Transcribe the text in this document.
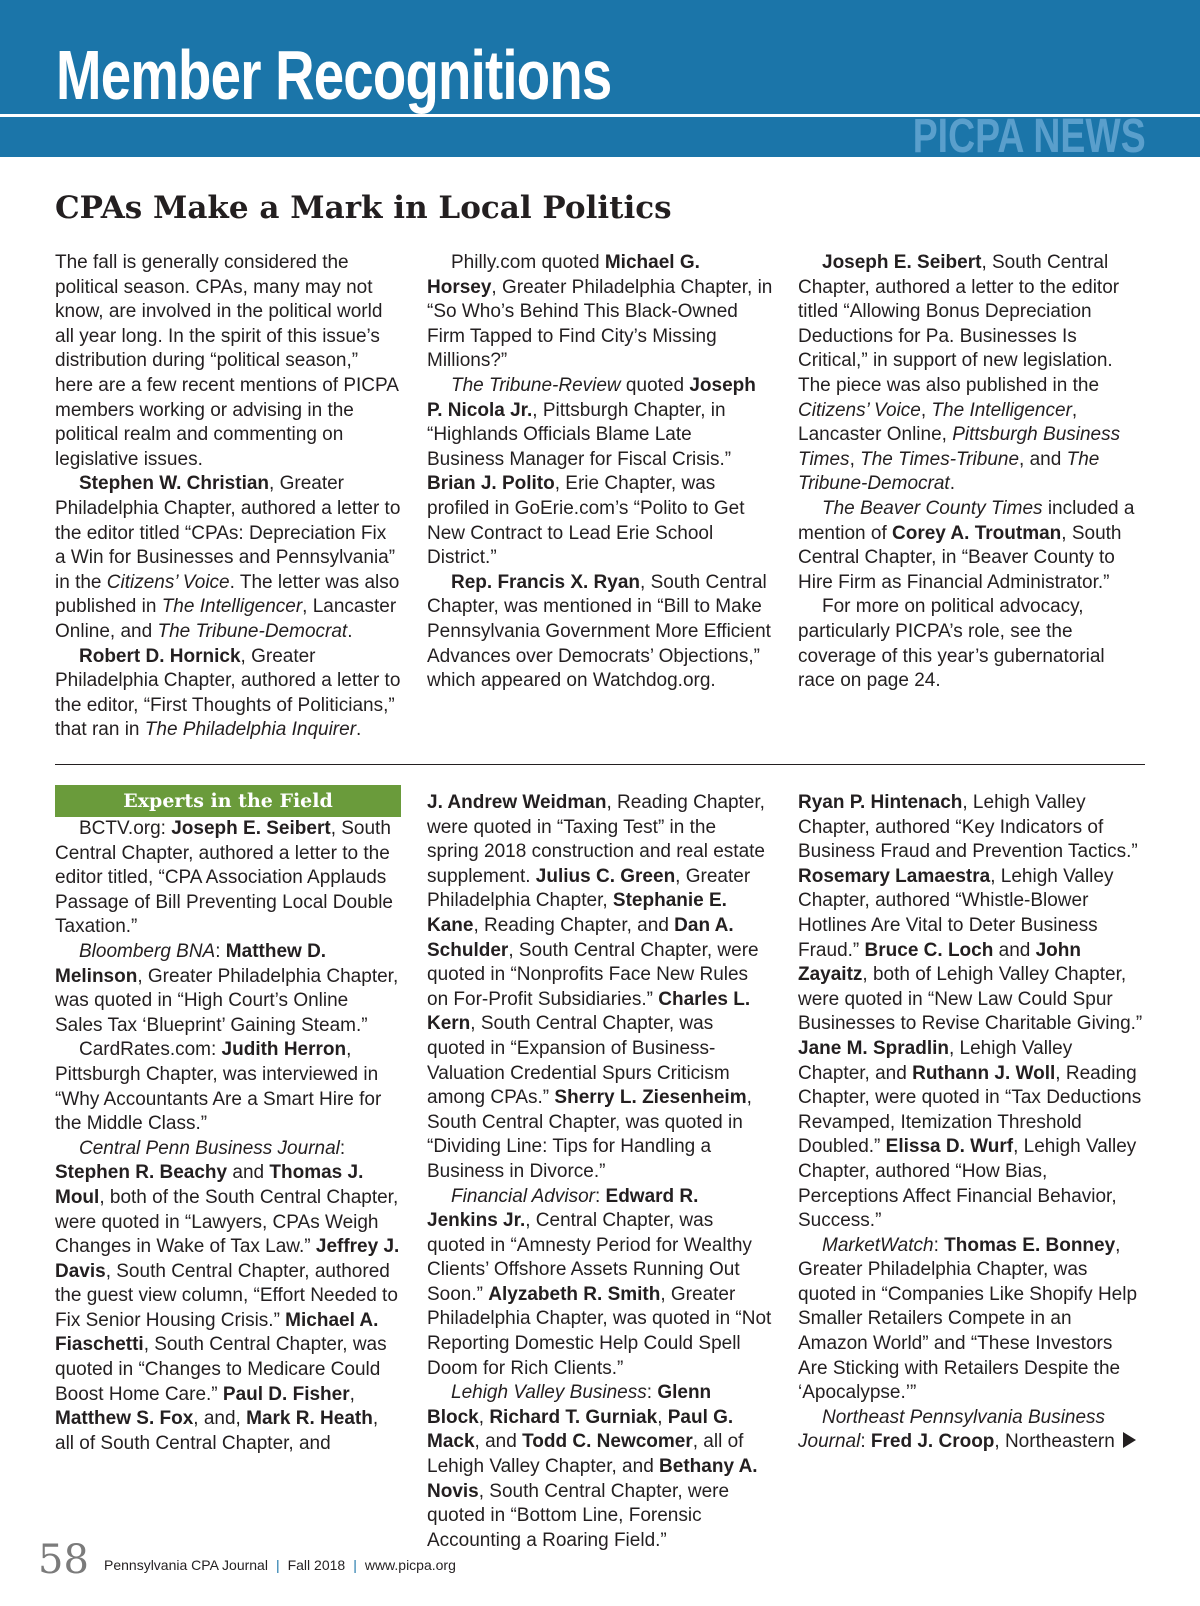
Member Recognitions
PICPA NEWS
CPAs Make a Mark in Local Politics

The fall is generally considered the political season. CPAs, many may not know, are involved in the political world all year long. In the spirit of this issue’s distribution during “political season,” here are a few recent mentions of PICPA members working or advising in the political realm and commenting on legislative issues.

Stephen W. Christian, Greater Philadelphia Chapter, authored a letter to the editor titled “CPAs: Depreciation Fix a Win for Businesses and Pennsylvania” in the Citizens’ Voice. The letter was also published in The Intelligencer, Lancaster Online, and The Tribune-Democrat.

Robert D. Hornick, Greater Philadelphia Chapter, authored a letter to the editor, “First Thoughts of Politicians,” that ran in The Philadelphia Inquirer.

Philly.com quoted Michael G. Horsey, Greater Philadelphia Chapter, in “So Who’s Behind This Black-Owned Firm Tapped to Find City’s Missing Millions?”

The Tribune-Review quoted Joseph P. Nicola Jr., Pittsburgh Chapter, in “Highlands Officials Blame Late Business Manager for Fiscal Crisis.” Brian J. Polito, Erie Chapter, was profiled in GoErie.com’s “Polito to Get New Contract to Lead Erie School District.”

Rep. Francis X. Ryan, South Central Chapter, was mentioned in “Bill to Make Pennsylvania Government More Efficient Advances over Democrats’ Objections,” which appeared on Watchdog.org.

Joseph E. Seibert, South Central Chapter, authored a letter to the editor titled “Allowing Bonus Depreciation Deductions for Pa. Businesses Is Critical,” in support of new legislation. The piece was also published in the Citizens’ Voice, The Intelligencer, Lancaster Online, Pittsburgh Business Times, The Times-Tribune, and The Tribune-Democrat.

The Beaver County Times included a mention of Corey A. Troutman, South Central Chapter, in “Beaver County to Hire Firm as Financial Administrator.”

For more on political advocacy, particularly PICPA’s role, see the coverage of this year’s gubernatorial race on page 24.

Experts in the Field

BCTV.org: Joseph E. Seibert, South Central Chapter, authored a letter to the editor titled, “CPA Association Applauds Passage of Bill Preventing Local Double Taxation.”

Bloomberg BNA: Matthew D. Melinson, Greater Philadelphia Chapter, was quoted in “High Court’s Online Sales Tax ‘Blueprint’ Gaining Steam.”

CardRates.com: Judith Herron, Pittsburgh Chapter, was interviewed in “Why Accountants Are a Smart Hire for the Middle Class.”

Central Penn Business Journal:
Stephen R. Beachy and Thomas J. Moul, both of the South Central Chapter, were quoted in “Lawyers, CPAs Weigh Changes in Wake of Tax Law.” Jeffrey J. Davis, South Central Chapter, authored the guest view column, “Effort Needed to Fix Senior Housing Crisis.” Michael A. Fiaschetti, South Central Chapter, was quoted in “Changes to Medicare Could Boost Home Care.” Paul D. Fisher, Matthew S. Fox, and, Mark R. Heath, all of South Central Chapter, and

J. Andrew Weidman, Reading Chapter, were quoted in “Taxing Test” in the spring 2018 construction and real estate supplement. Julius C. Green, Greater Philadelphia Chapter, Stephanie E. Kane, Reading Chapter, and Dan A. Schulder, South Central Chapter, were quoted in “Nonprofits Face New Rules on For-Profit Subsidiaries.” Charles L. Kern, South Central Chapter, was quoted in “Expansion of Business-Valuation Credential Spurs Criticism among CPAs.” Sherry L. Ziesenheim, South Central Chapter, was quoted in “Dividing Line: Tips for Handling a Business in Divorce.”

Financial Advisor: Edward R. Jenkins Jr., Central Chapter, was quoted in “Amnesty Period for Wealthy Clients’ Offshore Assets Running Out Soon.” Alyzabeth R. Smith, Greater Philadelphia Chapter, was quoted in “Not Reporting Domestic Help Could Spell Doom for Rich Clients.”

Lehigh Valley Business: Glenn Block, Richard T. Gurniak, Paul G. Mack, and Todd C. Newcomer, all of Lehigh Valley Chapter, and Bethany A. Novis, South Central Chapter, were quoted in “Bottom Line, Forensic Accounting a Roaring Field.”

Ryan P. Hintenach, Lehigh Valley Chapter, authored “Key Indicators of Business Fraud and Prevention Tactics.” Rosemary Lamaestra, Lehigh Valley Chapter, authored “Whistle-Blower Hotlines Are Vital to Deter Business Fraud.” Bruce C. Loch and John Zayaitz, both of Lehigh Valley Chapter, were quoted in “New Law Could Spur Businesses to Revise Charitable Giving.” Jane M. Spradlin, Lehigh Valley Chapter, and Ruthann J. Woll, Reading Chapter, were quoted in “Tax Deductions Revamped, Itemization Threshold Doubled.” Elissa D. Wurf, Lehigh Valley Chapter, authored “How Bias, Perceptions Affect Financial Behavior, Success.”

MarketWatch: Thomas E. Bonney, Greater Philadelphia Chapter, was quoted in “Companies Like Shopify Help Smaller Retailers Compete in an Amazon World” and “These Investors Are Sticking with Retailers Despite the ‘Apocalypse.’”

Northeast Pennsylvania Business Journal: Fred J. Croop, Northeastern

58 Pennsylvania CPA Journal | Fall 2018 | www.picpa.org
